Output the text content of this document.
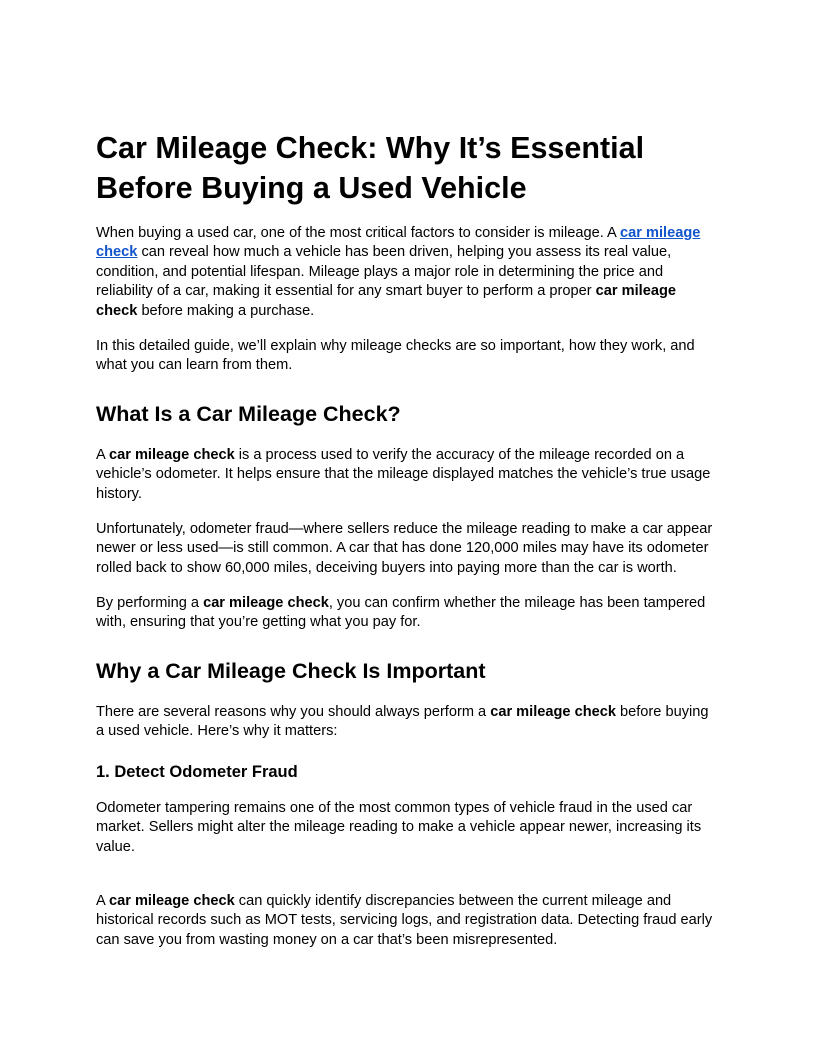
Car Mileage Check: Why It’s Essential Before Buying a Used Vehicle

When buying a used car, one of the most critical factors to consider is mileage. A car mileage check can reveal how much a vehicle has been driven, helping you assess its real value, condition, and potential lifespan. Mileage plays a major role in determining the price and reliability of a car, making it essential for any smart buyer to perform a proper car mileage check before making a purchase.

In this detailed guide, we’ll explain why mileage checks are so important, how they work, and what you can learn from them.

What Is a Car Mileage Check?

A car mileage check is a process used to verify the accuracy of the mileage recorded on a vehicle’s odometer. It helps ensure that the mileage displayed matches the vehicle’s true usage history.

Unfortunately, odometer fraud—where sellers reduce the mileage reading to make a car appear newer or less used—is still common. A car that has done 120,000 miles may have its odometer rolled back to show 60,000 miles, deceiving buyers into paying more than the car is worth.

By performing a car mileage check, you can confirm whether the mileage has been tampered with, ensuring that you’re getting what you pay for.

Why a Car Mileage Check Is Important

There are several reasons why you should always perform a car mileage check before buying a used vehicle. Here’s why it matters:

1. Detect Odometer Fraud

Odometer tampering remains one of the most common types of vehicle fraud in the used car market. Sellers might alter the mileage reading to make a vehicle appear newer, increasing its value.

A car mileage check can quickly identify discrepancies between the current mileage and historical records such as MOT tests, servicing logs, and registration data. Detecting fraud early can save you from wasting money on a car that’s been misrepresented.
